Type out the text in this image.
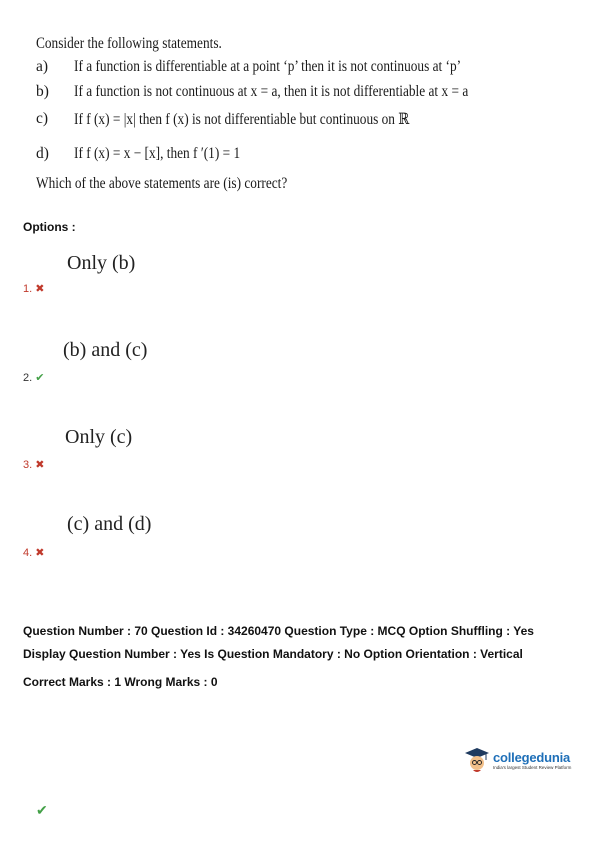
Consider the following statements.
a) If a function is differentiable at a point ‘p’ then it is not continuous at ‘p’
b) If a function is not continuous at x = a, then it is not differentiable at x = a
c) If f (x) = |x| then f (x) is not differentiable but continuous on ℝ
d) If f (x) = x − [x], then f ′(1) = 1
Which of the above statements are (is) correct?
Options :
Only (b)
1. ✖
(b) and (c)
2. ✔
Only (c)
3. ✖
(c) and (d)
4. ✖
Question Number : 70 Question Id : 34260470 Question Type : MCQ Option Shuffling : Yes
Display Question Number : Yes Is Question Mandatory : No Option Orientation : Vertical
Correct Marks : 1 Wrong Marks : 0
collegedunia
India's largest Student Review Platform
✔
